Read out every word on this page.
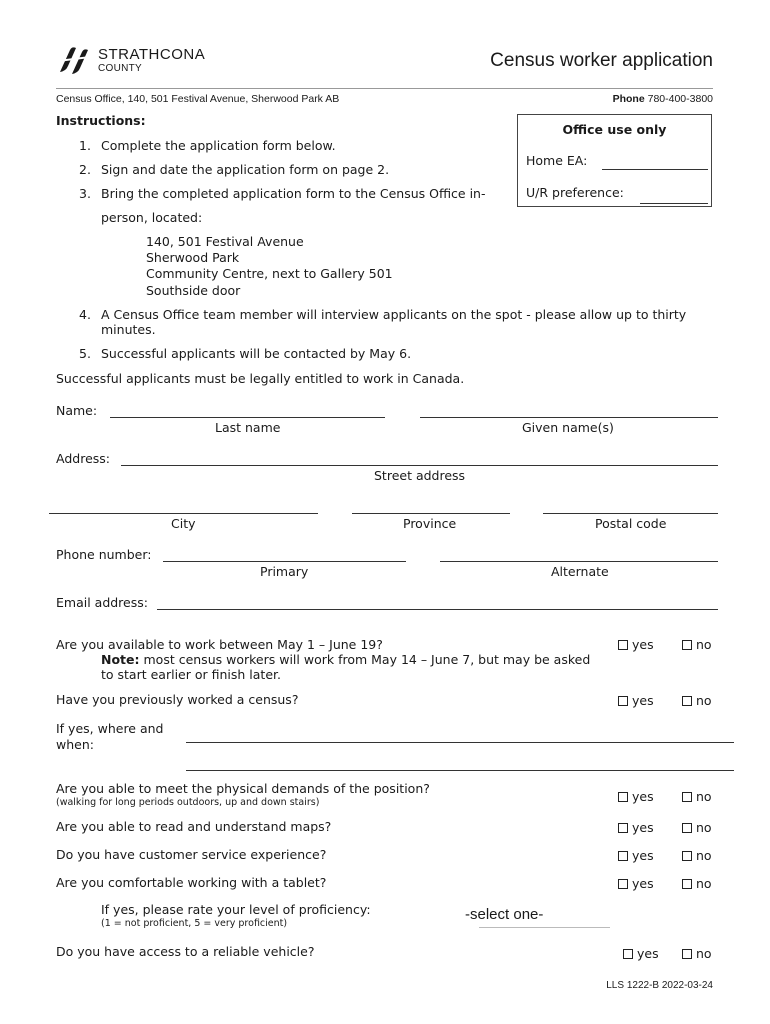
STRATHCONA
COUNTY	Census worker application
Census Office, 140, 501 Festival Avenue, Sherwood Park AB	Phone 780-400-3800
Instructions:
1. Complete the application form below.
2. Sign and date the application form on page 2.
3. Bring the completed application form to the Census Office in-
person, located:
140, 501 Festival Avenue
Sherwood Park
Community Centre, next to Gallery 501
Southside door
4. A Census Office team member will interview applicants on the spot - please allow up to thirty
minutes.
5. Successful applicants will be contacted by May 6.
Successful applicants must be legally entitled to work in Canada.
Office use only
Home EA:
U/R preference:
Name:
Last name	Given name(s)
Address:
Street address
City	Province	Postal code
Phone number:
Primary	Alternate
Email address:
Are you available to work between May 1 – June 19?
Note: most census workers will work from May 14 – June 7, but may be asked
to start earlier or finish later.
yes	no
Have you previously worked a census?	yes	no
If yes, where and
when:
Are you able to meet the physical demands of the position?
(walking for long periods outdoors, up and down stairs)	yes	no
Are you able to read and understand maps?	yes	no
Do you have customer service experience?	yes	no
Are you comfortable working with a tablet?	yes	no
If yes, please rate your level of proficiency:
(1 = not proficient, 5 = very proficient)
-select one-
Do you have access to a reliable vehicle?	yes	no
LLS 1222-B 2022-03-24
